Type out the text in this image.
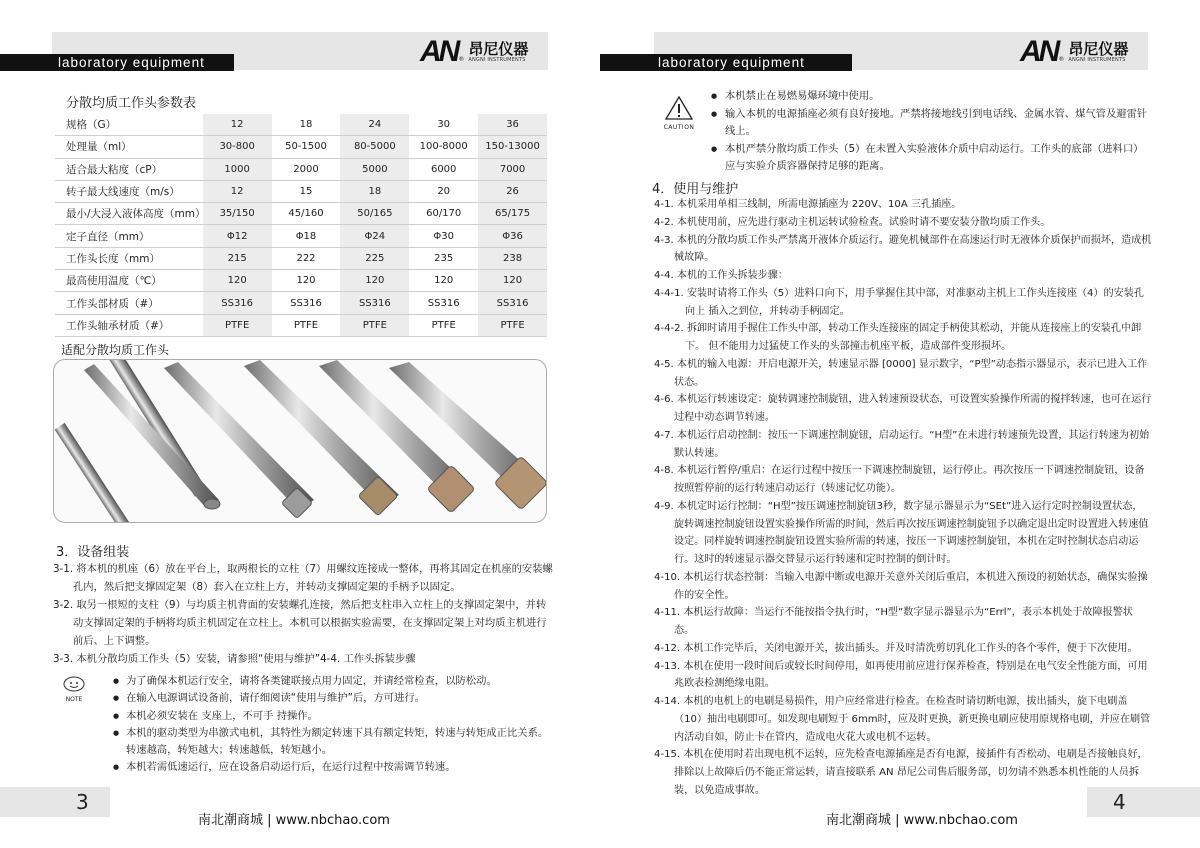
laboratory equipment	AN ®
昂尼仪器
ANGNI INSTRUMENTS
分散均质工作头参数表
规格（G）	12	18	24	30	36
处理量（ml）	30-800	50-1500	80-5000	100-8000	150-13000
适合最大粘度（cP）	1000	2000	5000	6000	7000
转子最大线速度（m/s）	12	15	18	20	26
最小/大浸入液体高度（mm）	35/150	45/160	50/165	60/170	65/175
定子直径（mm）	Φ12	Φ18	Φ24	Φ30	Φ36
工作头长度（mm）	215	222	225	235	238
最高使用温度（℃）	120	120	120	120	120
工作头部材质（#）	SS316	SS316	SS316	SS316	SS316
工作头轴承材质（#）	PTFE	PTFE	PTFE	PTFE	PTFE
适配分散均质工作头
3．设备组装

3-1. 将本机的机座（6）放在平台上，取两根长的立柱（7）用螺纹连接成一整体，再将其固定在机座的安装螺孔内，然后把支撑固定架（8）套入在立柱上方，并转动支撑固定架的手柄予以固定。

3-2. 取另一根短的支柱（9）与均质主机背面的安装螺孔连接，然后把支柱串入立柱上的支撑固定架中，并转动支撑固定架的手柄将均质主机固定在立柱上。本机可以根据实验需要，在支撑固定架上对均质主机进行前后、上下调整。

3-3. 本机分散均质工作头（5）安装，请参照“使用与维护”4-4. 工作头拆装步骤

NOTE
● 为了确保本机运行安全，请将各类键联接点用力固定，并请经常检查，以防松动。
● 在输入电源调试设备前，请仔细阅读“使用与维护”后，方可进行。
● 本机必须安装在 支座上，不可手 持操作。
● 本机的驱动类型为串激式电机，其特性为额定转速下具有额定转矩，转速与转矩成正比关系。转速越高，转矩越大；转速越低，转矩越小。
● 本机若需低速运行，应在设备启动运行后，在运行过程中按需调节转速。
3
南北潮商城 | www.nbchao.com
laboratory equipment	AN ®
昂尼仪器
ANGNI INSTRUMENTS
CAUTION
● 本机禁止在易燃易爆环境中使用。
● 输入本机的电源插座必须有良好接地。严禁将接地线引到电话线、金属水管、煤气管及避雷针线上。
● 本机严禁分散均质工作头（5）在未置入实验液体介质中启动运行。工作头的底部（进料口）应与实验介质容器保持足够的距离。
4．使用与维护

4-1. 本机采用单相三线制，所需电源插座为 220V、10A 三孔插座。

4-2. 本机使用前，应先进行驱动主机运转试验检查。试验时请不要安装分散均质工作头。

4-3. 本机的分散均质工作头严禁离开液体介质运行。避免机械部件在高速运行时无液体介质保护而损坏，造成机械故障。

4-4. 本机的工作头拆装步骤：

4-4-1. 安装时请将工作头（5）进料口向下，用手掌握住其中部，对准驱动主机上工作头连接座（4）的安装孔向上 插入之到位，并转动手柄固定。

4-4-2. 拆卸时请用手握住工作头中部，转动工作头连接座的固定手柄使其松动，并能从连接座上的安装孔中卸下。 但不能用力过猛使工作头的头部撞击机座平板，造成部件变形损坏。

4-5. 本机的输入电源：开启电源开关，转速显示器 [0000] 显示数字，“P型”动态指示器显示，表示已进入工作状态。

4-6. 本机运行转速设定：旋转调速控制旋钮，进入转速预设状态，可设置实验操作所需的搅拌转速，也可在运行过程中动态调节转速。

4-7. 本机运行启动控制：按压一下调速控制旋钮，启动运行。“H型”在未进行转速预先设置，其运行转速为初始默认转速。

4-8. 本机运行暂停/重启：在运行过程中按压一下调速控制旋钮，运行停止。再次按压一下调速控制旋钮，设备按照暂停前的运行转速启动运行（转速记忆功能）。

4-9. 本机定时运行控制：“H型”按压调速控制旋钮3秒，数字显示器显示为“SEt”进入运行定时控制设置状态，旋转调速控制旋钮设置实验操作所需的时间，然后再次按压调速控制旋钮予以确定退出定时设置进入转速值设定。同样旋转调速控制旋钮设置实验所需的转速，按压一下调速控制旋钮，本机在定时控制状态启动运行。这时的转速显示器交替显示运行转速和定时控制的倒计时。

4-10. 本机运行状态控制：当输入电源中断或电源开关意外关闭后重启，本机进入预设的初始状态，确保实验操作的安全性。

4-11. 本机运行故障：当运行不能按指令执行时，“H型”数字显示器显示为“Errl”，表示本机处于故障报警状态。

4-12. 本机工作完毕后，关闭电源开关，拔出插头。并及时清洗剪切乳化工作头的各个零件，便于下次使用。

4-13. 本机在使用一段时间后或较长时间停用，如再使用前应进行保养检查，特别是在电气安全性能方面，可用兆欧表检测绝缘电阻。

4-14. 本机的电机上的电刷是易损件，用户应经常进行检查。在检查时请切断电源，拔出插头，旋下电刷盖（10）抽出电刷即可。如发现电刷短于 6mm时，应及时更换，新更换电刷应使用原规格电刷，并应在刷管 内活动自如，防止卡在管内，造成电火花大或电机不运转。

4-15. 本机在使用时若出现电机不运转，应先检查电源插座是否有电源，接插件有否松动、电刷是否接触良好，排除以上故障后仍不能正常运转，请直接联系 AN 昂尼公司售后服务部，切勿请不熟悉本机性能的人员拆装，以免造成事故。	4
南北潮商城 | www.nbchao.com
